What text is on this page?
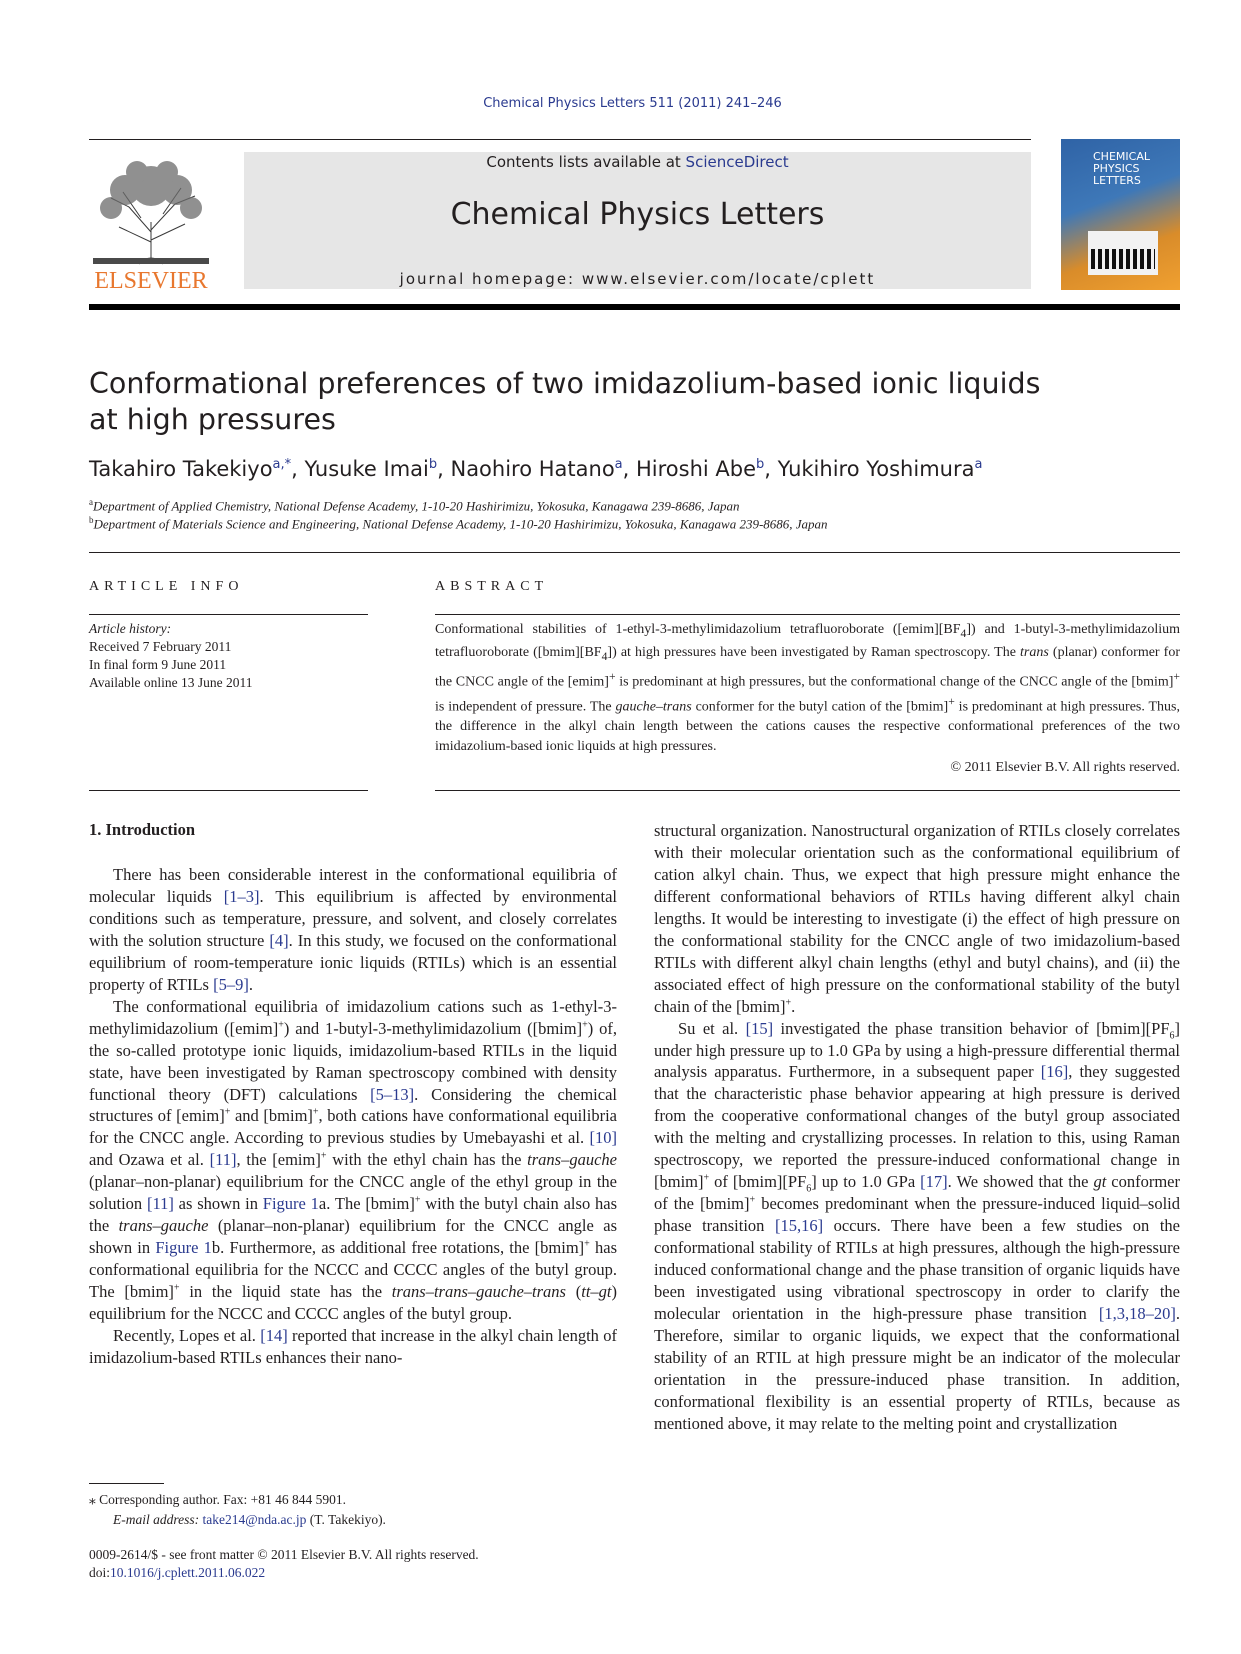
Chemical Physics Letters 511 (2011) 241–246
ELSEVIER
Contents lists available at ScienceDirect
Chemical Physics Letters
journal homepage: www.elsevier.com/locate/cplett
CHEMICAL PHYSICS LETTERS
Conformational preferences of two imidazolium-based ionic liquids
at high pressures
Takahiro Takekiyo$^{a,*}$, Yusuke Imai$^b$, Naohiro Hatano$^a$, Hiroshi Abe$^b$, Yukihiro Yoshimura$^a$
$^a$Department of Applied Chemistry, National Defense Academy, 1-10-20 Hashirimizu, Yokosuka, Kanagawa 239-8686, Japan
$^b$Department of Materials Science and Engineering, National Defense Academy, 1-10-20 Hashirimizu, Yokosuka, Kanagawa 239-8686, Japan
ARTICLE INFO	ABSTRACT
Article history:
Received 7 February 2011
In final form 9 June 2011
Available online 13 June 2011
Conformational stabilities of 1-ethyl-3-methylimidazolium tetrafluoroborate $([emim][BF_4])$ and 1-butyl-3-methylimidazolium tetrafluoroborate $([bmim][BF_4])$ at high pressures have been investigated by Raman spectroscopy. The trans (planar) conformer for the CNCC angle of the [emim]+ is predominant at high pressures, but the conformational change of the CNCC angle of the [bmim]+ is independent of pressure. The gauche–trans conformer for the butyl cation of the [bmim]+ is predominant at high pressures. Thus, the difference in the alkyl chain length between the cations causes the respective conformational preferences of the two imidazolium-based ionic liquids at high pressures.
© 2011 Elsevier B.V. All rights reserved.
1. Introduction

There has been considerable interest in the conformational equilibria of molecular liquids [1–3]. This equilibrium is affected by environmental conditions such as temperature, pressure, and solvent, and closely correlates with the solution structure [4]. In this study, we focused on the conformational equilibrium of room-temperature ionic liquids (RTILs) which is an essential property of RTILs [5–9].

The conformational equilibria of imidazolium cations such as 1-ethyl-3-methylimidazolium ([emim]+) and 1-butyl-3-methylimidazolium ([bmim]+) of, the so-called prototype ionic liquids, imidazolium-based RTILs in the liquid state, have been investigated by Raman spectroscopy combined with density functional theory (DFT) calculations [5–13]. Considering the chemical structures of [emim]+ and [bmim]+, both cations have conformational equilibria for the CNCC angle. According to previous studies by Umebayashi et al. [10] and Ozawa et al. [11], the [emim]+ with the ethyl chain has the trans–gauche (planar–non-planar) equilibrium for the CNCC angle of the ethyl group in the solution [11] as shown in Figure 1a. The [bmim]+ with the butyl chain also has the trans–gauche (planar–non-planar) equilibrium for the CNCC angle as shown in Figure 1b. Furthermore, as additional free rotations, the [bmim]+ has conformational equilibria for the NCCC and CCCC angles of the butyl group. The [bmim]+ in the liquid state has the trans–trans–gauche–trans (tt–gt) equilibrium for the NCCC and CCCC angles of the butyl group.

Recently, Lopes et al. [14] reported that increase in the alkyl chain length of imidazolium-based RTILs enhances their nano-

structural organization. Nanostructural organization of RTILs closely correlates with their molecular orientation such as the conformational equilibrium of cation alkyl chain. Thus, we expect that high pressure might enhance the different conformational behaviors of RTILs having different alkyl chain lengths. It would be interesting to investigate (i) the effect of high pressure on the conformational stability for the CNCC angle of two imidazolium-based RTILs with different alkyl chain lengths (ethyl and butyl chains), and (ii) the associated effect of high pressure on the conformational stability of the butyl chain of the [bmim]+.

Su et al. [15] investigated the phase transition behavior of $[bmim][PF_6]$ under high pressure up to 1.0 GPa by using a high-pressure differential thermal analysis apparatus. Furthermore, in a subsequent paper [16], they suggested that the characteristic phase behavior appearing at high pressure is derived from the cooperative conformational changes of the butyl group associated with the melting and crystallizing processes. In relation to this, using Raman spectroscopy, we reported the pressure-induced conformational change in [bmim]+ of $[bmim][PF_6]$ up to 1.0 GPa [17]. We showed that the gt conformer of the [bmim]+ becomes predominant when the pressure-induced liquid–solid phase transition [15,16] occurs. There have been a few studies on the conformational stability of RTILs at high pressures, although the high-pressure induced conformational change and the phase transition of organic liquids have been investigated using vibrational spectroscopy in order to clarify the molecular orientation in the high-pressure phase transition [1,3,18–20]. Therefore, similar to organic liquids, we expect that the conformational stability of an RTIL at high pressure might be an indicator of the molecular orientation in the pressure-induced phase transition. In addition, conformational flexibility is an essential property of RTILs, because as mentioned above, it may relate to the melting point and crystallization

⁎ Corresponding author. Fax: +81 46 844 5901.
E-mail address: take214@nda.ac.jp (T. Takekiyo).
0009-2614/$ - see front matter © 2011 Elsevier B.V. All rights reserved.
doi:10.1016/j.cplett.2011.06.022
